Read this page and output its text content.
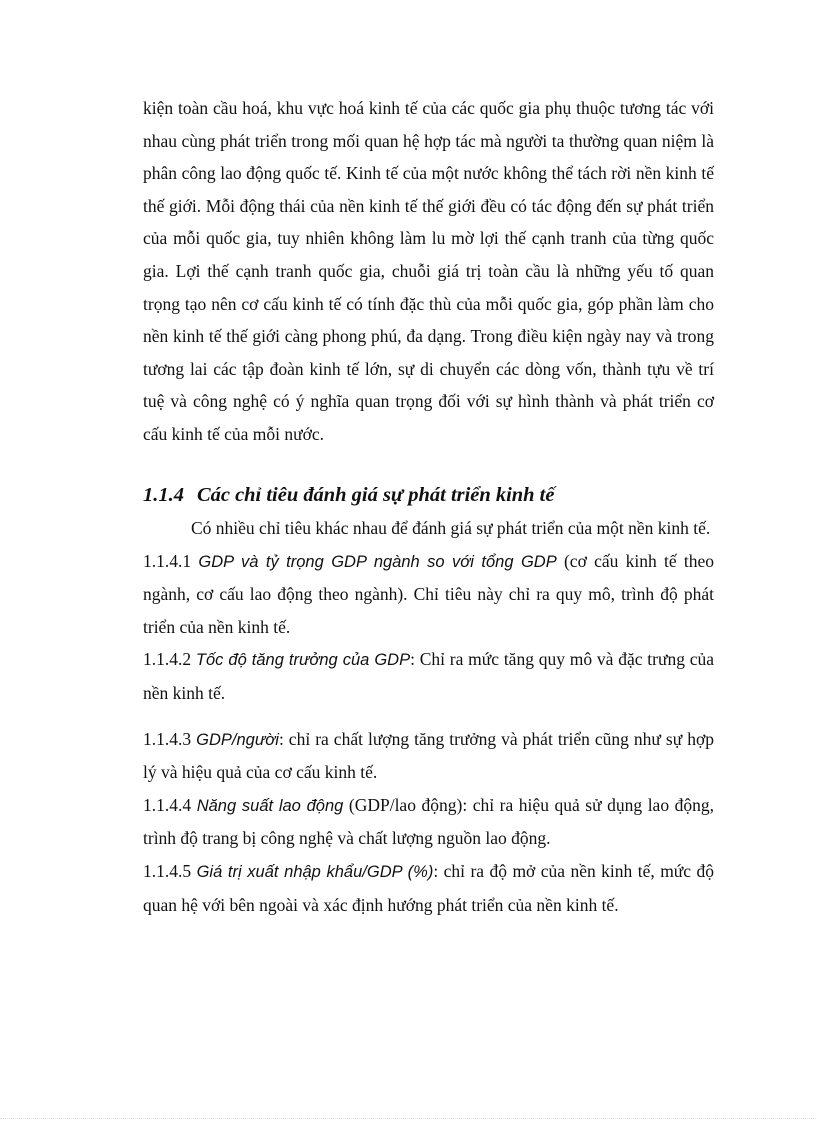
kiện toàn cầu hoá, khu vực hoá kinh tế của các quốc gia phụ thuộc tương tác với nhau cùng phát triển trong mối quan hệ hợp tác mà người ta thường quan niệm là phân công lao động quốc tế. Kinh tế của một nước không thể tách rời nền kinh tế thế giới. Mỗi động thái của nền kinh tế thế giới đều có tác động đến sự phát triển của mỗi quốc gia, tuy nhiên không làm lu mờ lợi thế cạnh tranh của từng quốc gia. Lợi thế cạnh tranh quốc gia, chuỗi giá trị toàn cầu là những yếu tố quan trọng tạo nên cơ cấu kinh tế có tính đặc thù của mỗi quốc gia, góp phần làm cho nền kinh tế thế giới càng phong phú, đa dạng. Trong điều kiện ngày nay và trong tương lai các tập đoàn kinh tế lớn, sự di chuyển các dòng vốn, thành tựu về trí tuệ và công nghệ có ý nghĩa quan trọng đối với sự hình thành và phát triển cơ cấu kinh tế của mỗi nước.

1.1.4 Các chỉ tiêu đánh giá sự phát triển kinh tế

Có nhiều chỉ tiêu khác nhau để đánh giá sự phát triển của một nền kinh tế.

1.1.4.1 GDP và tỷ trọng GDP ngành so với tổng GDP (cơ cấu kinh tế theo ngành, cơ cấu lao động theo ngành). Chỉ tiêu này chỉ ra quy mô, trình độ phát triển của nền kinh tế.

1.1.4.2 Tốc độ tăng trưởng của GDP: Chỉ ra mức tăng quy mô và đặc trưng của nền kinh tế.

1.1.4.3 GDP/người: chỉ ra chất lượng tăng trưởng và phát triển cũng như sự hợp lý và hiệu quả của cơ cấu kinh tế.

1.1.4.4 Năng suất lao động (GDP/lao động): chỉ ra hiệu quả sử dụng lao động, trình độ trang bị công nghệ và chất lượng nguồn lao động.

1.1.4.5 Giá trị xuất nhập khẩu/GDP (%): chỉ ra độ mở của nền kinh tế, mức độ quan hệ với bên ngoài và xác định hướng phát triển của nền kinh tế.
